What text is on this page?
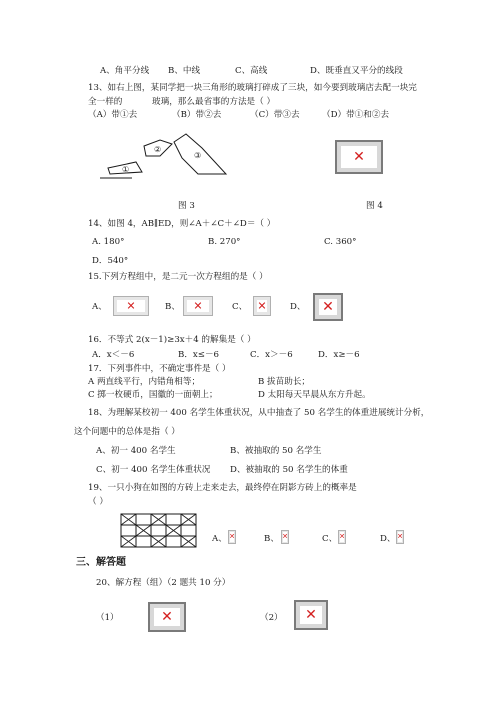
A、角平分线 B、中线	C、高线	D、既垂直又平分的线段
13、如右上图，某同学把一块三角形的玻璃打碎成了三块，如今要到玻璃店去配一块完
全一样的	玻璃，那么最省事的方法是（ ）
（A）带①去	（B）带②去	（C）带③去	（D）带①和②去
①
②
③	✕
图 3	图 4
14、如图 4，AB∥ED，则∠A＋∠C＋∠D＝（ ）
A. 180°	B. 270°	C. 360°
D．540°
15.下列方程组中，是二元一次方程组的是（ ）
A、 ✕	B、 ✕	C、 ✕	D、 ✕
16．不等式 2(x－1)≥3x＋4 的解集是（ ）
A．x＜－6	B．x≤－6	C．x＞－6	D．x≥－6
17．下列事件中，不确定事件是（ ）
A 两直线平行，内错角相等；	B 拔苗助长；
C 掷一枚硬币，国徽的一面朝上；	D 太阳每天早晨从东方升起。
18、为理解某校初一 400 名学生体重状况，从中抽查了 50 名学生的体重进展统计分析，
这个问题中的总体是指（ ）
A、初一 400 名学生	B、被抽取的 50 名学生
C、初一 400 名学生体重状况 D、被抽取的 50 名学生的体重
19、一只小狗在如图的方砖上走来走去，最终停在阴影方砖上的概率是
（ ）
A、 ✕	B、 ✕	C、 ✕	D、 ✕
三、解答题
20、解方程（组）（2 题共 10 分）
（1）	✕	（2） ✕
